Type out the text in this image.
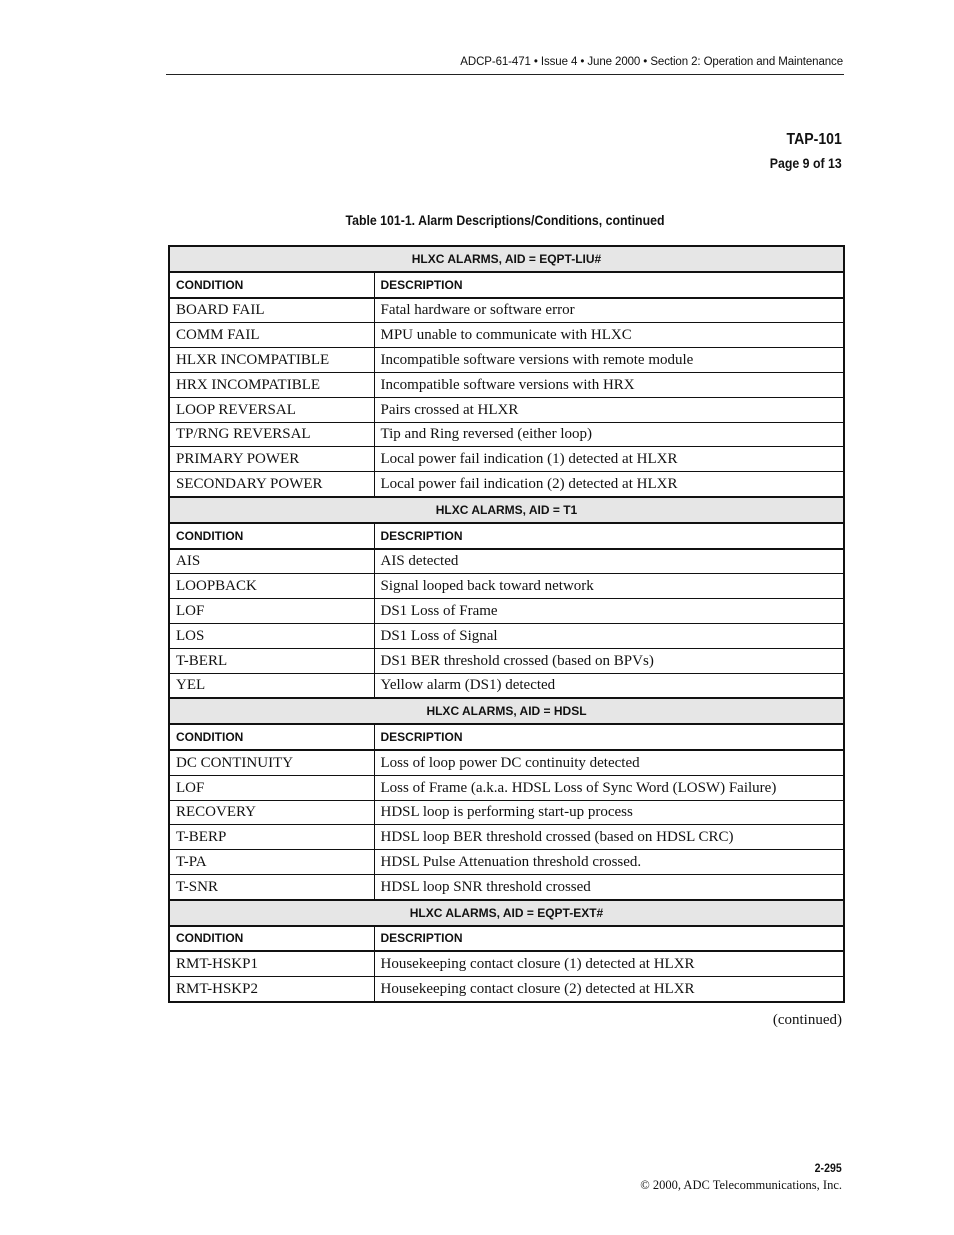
ADCP-61-471 • Issue 4 • June 2000 • Section 2: Operation and Maintenance
TAP-101
Page 9 of 13
Table 101-1. Alarm Descriptions/Conditions, continued
HLXC ALARMS, AID = EQPT-LIU#	
CONDITION	DESCRIPTION
BOARD FAIL	Fatal hardware or software error
COMM FAIL	MPU unable to communicate with HLXC
HLXR INCOMPATIBLE	Incompatible software versions with remote module
HRX INCOMPATIBLE	Incompatible software versions with HRX
LOOP REVERSAL	Pairs crossed at HLXR
TP/RNG REVERSAL	Tip and Ring reversed (either loop)
PRIMARY POWER	Local power fail indication (1) detected at HLXR
SECONDARY POWER	Local power fail indication (2) detected at HLXR
HLXC ALARMS, AID = T1	
CONDITION	DESCRIPTION
AIS	AIS detected
LOOPBACK	Signal looped back toward network
LOF	DS1 Loss of Frame
LOS	DS1 Loss of Signal
T-BERL	DS1 BER threshold crossed (based on BPVs)
YEL	Yellow alarm (DS1) detected
HLXC ALARMS, AID = HDSL	
CONDITION	DESCRIPTION
DC CONTINUITY	Loss of loop power DC continuity detected
LOF	Loss of Frame (a.k.a. HDSL Loss of Sync Word (LOSW) Failure)
RECOVERY	HDSL loop is performing start-up process
T-BERP	HDSL loop BER threshold crossed (based on HDSL CRC)
T-PA	HDSL Pulse Attenuation threshold crossed.
T-SNR	HDSL loop SNR threshold crossed
HLXC ALARMS, AID = EQPT-EXT#	
CONDITION	DESCRIPTION
RMT-HSKP1	Housekeeping contact closure (1) detected at HLXR
RMT-HSKP2	Housekeeping contact closure (2) detected at HLXR
(continued)
2-295
© 2000, ADC Telecommunications, Inc.
